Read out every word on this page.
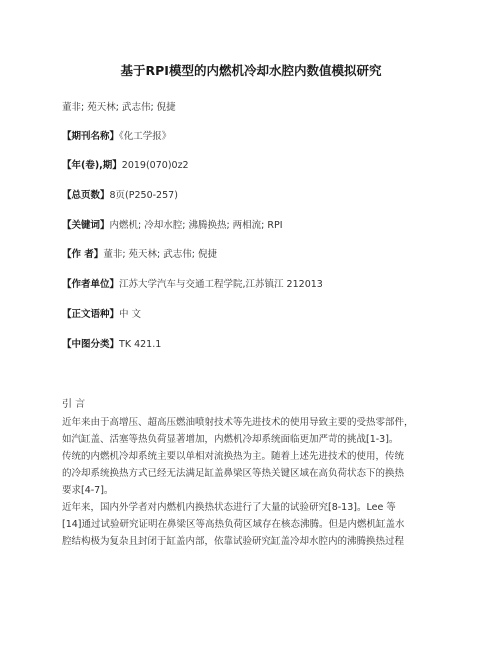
基于RPI模型的内燃机冷却水腔内数值模拟研究
董非; 苑天林; 武志伟; 倪捷
【期刊名称】《化工学报》
【年(卷),期】2019(070)0z2
【总页数】8页(P250-257)
【关键词】内燃机; 冷却水腔; 沸腾换热; 两相流; RPI
【作 者】董非; 苑天林; 武志伟; 倪捷
【作者单位】江苏大学汽车与交通工程学院,江苏镇江 212013
【正文语种】中 文
【中图分类】TK 421.1
引 言

近年来由于高增压、超高压燃油喷射技术等先进技术的使用导致主要的受热零部件，

如汽缸盖、活塞等热负荷显著增加，内燃机冷却系统面临更加严苛的挑战[1-3]。

传统的内燃机冷却系统主要以单相对流换热为主。随着上述先进技术的使用，传统

的冷却系统换热方式已经无法满足缸盖鼻梁区等热关键区域在高负荷状态下的换热

要求[4-7]。

近年来，国内外学者对内燃机内换热状态进行了大量的试验研究[8-13]。Lee 等

[14]通过试验研究证明在鼻梁区等高热负荷区域存在核态沸腾。但是内燃机缸盖水

腔结构极为复杂且封闭于缸盖内部，依靠试验研究缸盖冷却水腔内的沸腾换热过程
